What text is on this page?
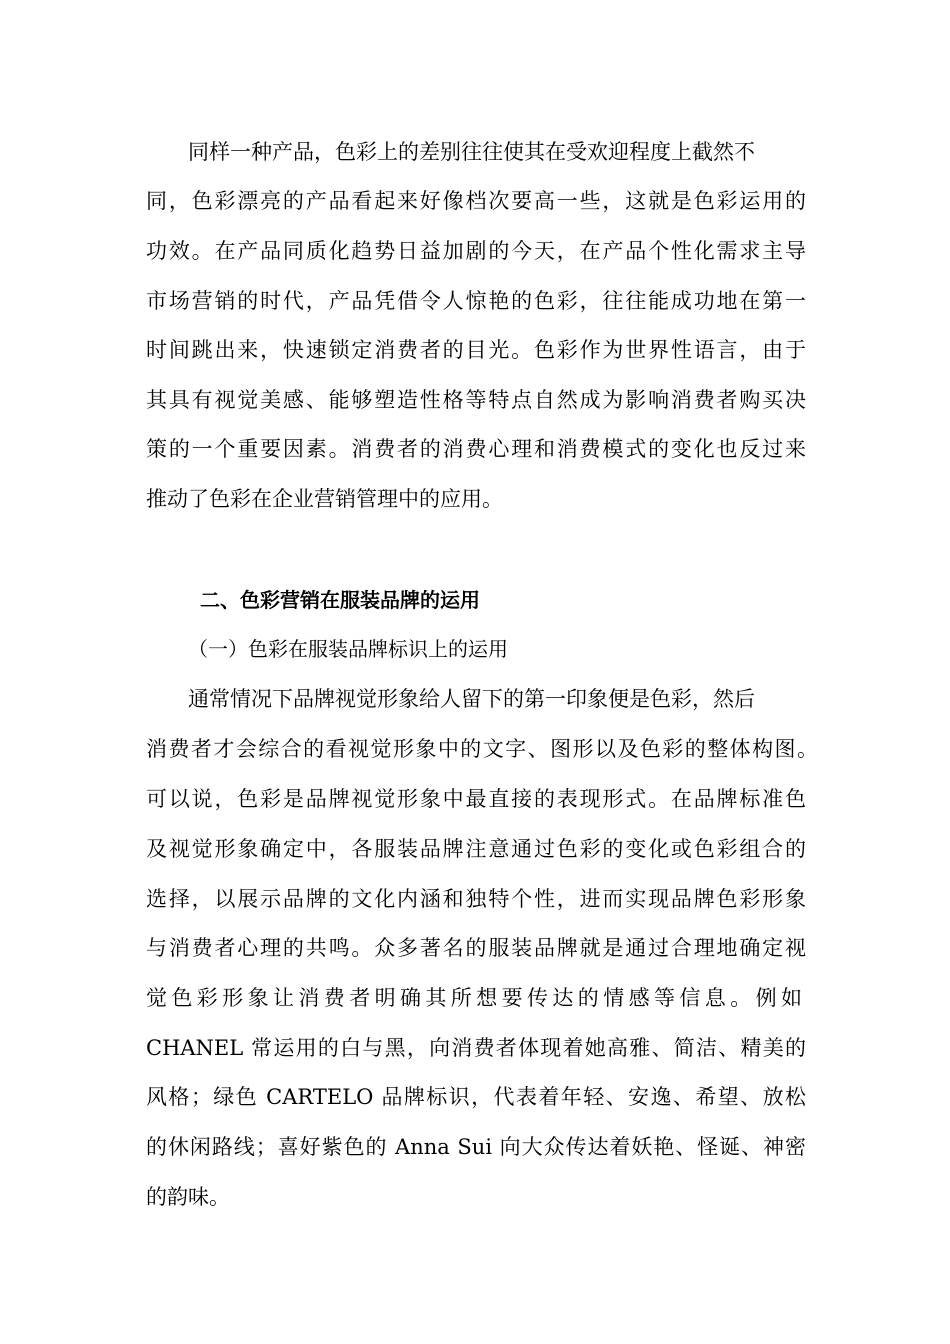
同样一种产品，色彩上的差别往往使其在受欢迎程度上截然不
同，色彩漂亮的产品看起来好像档次要高一些，这就是色彩运用的
功效。在产品同质化趋势日益加剧的今天，在产品个性化需求主导
市场营销的时代，产品凭借令人惊艳的色彩，往往能成功地在第一
时间跳出来，快速锁定消费者的目光。色彩作为世界性语言，由于
其具有视觉美感、能够塑造性格等特点自然成为影响消费者购买决
策的一个重要因素。消费者的消费心理和消费模式的变化也反过来
推动了色彩在企业营销管理中的应用。
二、色彩营销在服装品牌的运用
（一）色彩在服装品牌标识上的运用
通常情况下品牌视觉形象给人留下的第一印象便是色彩，然后
消费者才会综合的看视觉形象中的文字、图形以及色彩的整体构图。
可以说，色彩是品牌视觉形象中最直接的表现形式。在品牌标准色
及视觉形象确定中，各服装品牌注意通过色彩的变化或色彩组合的
选择，以展示品牌的文化内涵和独特个性，进而实现品牌色彩形象
与消费者心理的共鸣。众多著名的服装品牌就是通过合理地确定视
觉色彩形象让消费者明确其所想要传达的情感等信息。例如
CHANEL 常运用的白与黑，向消费者体现着她高雅、简洁、精美的
风格；绿色 CARTELO 品牌标识，代表着年轻、安逸、希望、放松
的休闲路线；喜好紫色的 Anna Sui 向大众传达着妖艳、怪诞、神密
的韵味。
